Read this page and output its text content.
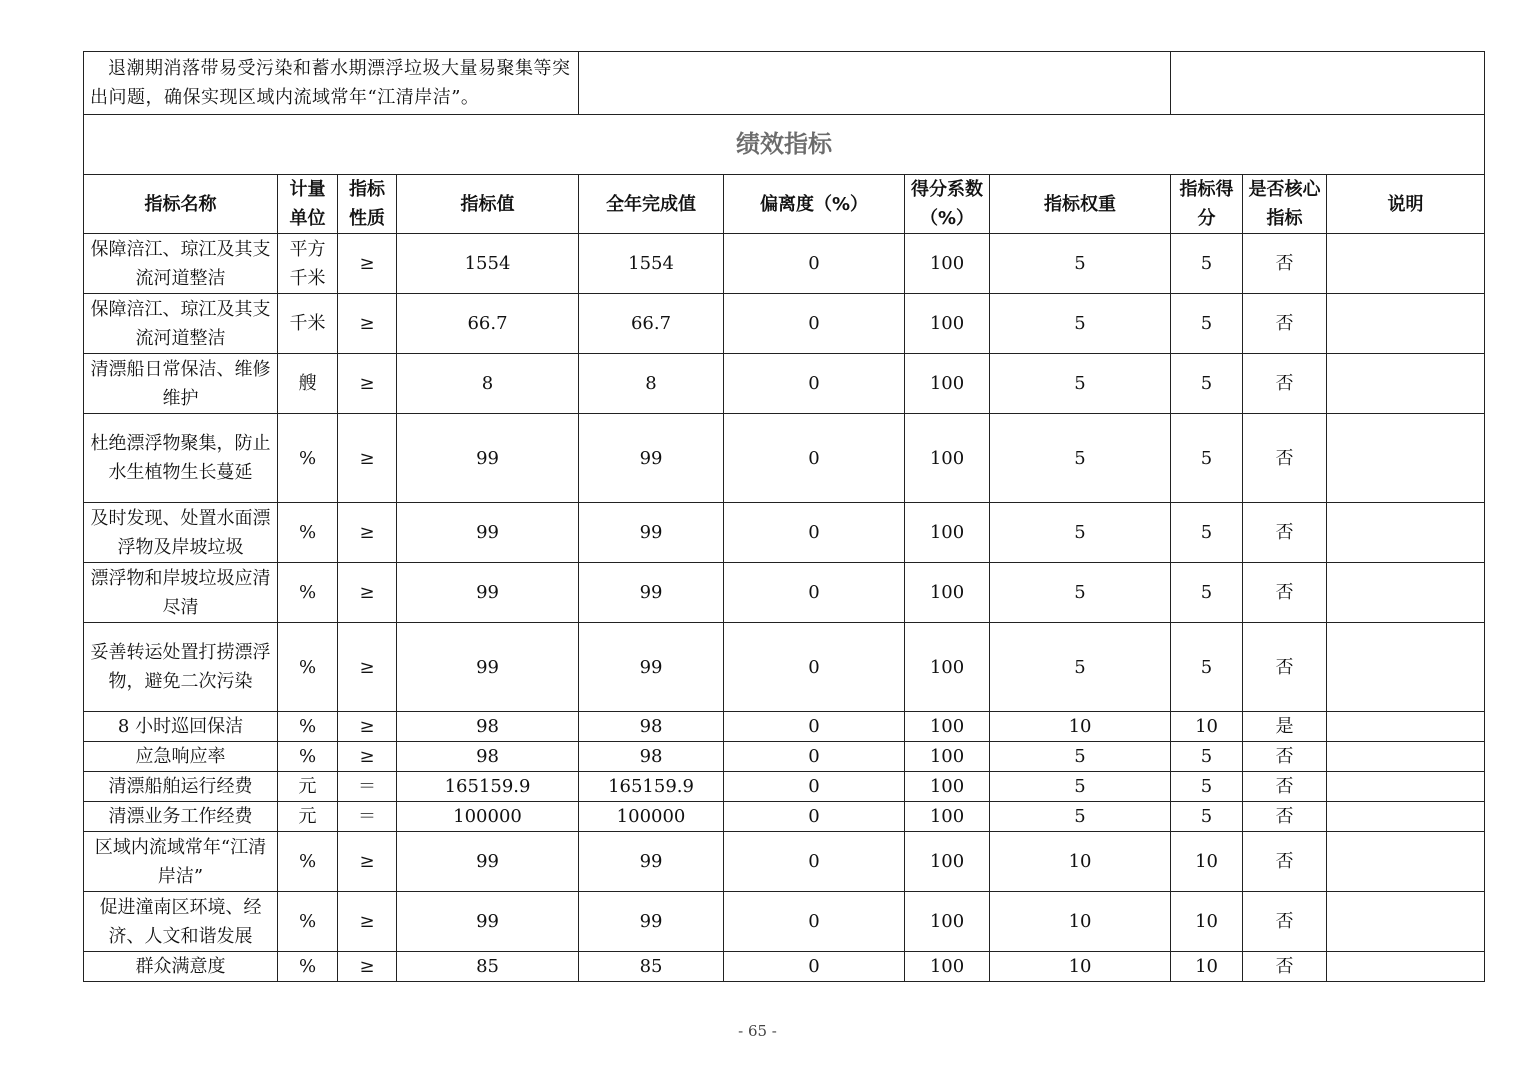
退潮期消落带易受污染和蓄水期漂浮垃圾大量易聚集等突出问题，确保实现区域内流域常年“江清岸洁”。										
绩效指标										
指标名称	计量单位	指标性质	指标值	全年完成值	偏离度（%）	得分系数（%）	指标权重	指标得分	是否核心指标	说明
保障涪江、琼江及其支流河道整洁	平方千米	≥	1554	1554	0	100	5	5	否	
保障涪江、琼江及其支流河道整洁	千米	≥	66.7	66.7	0	100	5	5	否	
清漂船日常保洁、维修维护	艘	≥	8	8	0	100	5	5	否	
杜绝漂浮物聚集，防止水生植物生长蔓延	%	≥	99	99	0	100	5	5	否	
及时发现、处置水面漂浮物及岸坡垃圾	%	≥	99	99	0	100	5	5	否	
漂浮物和岸坡垃圾应清尽清	%	≥	99	99	0	100	5	5	否	
妥善转运处置打捞漂浮物，避免二次污染	%	≥	99	99	0	100	5	5	否	
8 小时巡回保洁	%	≥	98	98	0	100	10	10	是	
应急响应率	%	≥	98	98	0	100	5	5	否	
清漂船舶运行经费	元	＝	165159.9	165159.9	0	100	5	5	否	
清漂业务工作经费	元	＝	100000	100000	0	100	5	5	否	
区域内流域常年“江清岸洁”	%	≥	99	99	0	100	10	10	否	
促进潼南区环境、经济、人文和谐发展	%	≥	99	99	0	100	10	10	否	
群众满意度	%	≥	85	85	0	100	10	10	否	
- 65 -
